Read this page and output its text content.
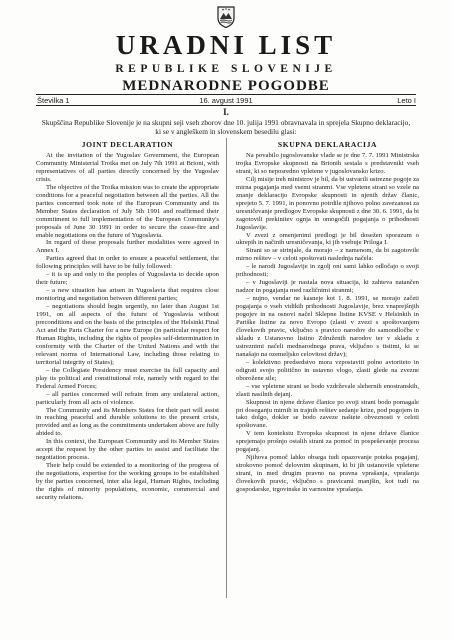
URADNI LIST
REPUBLIKE SLOVENIJE
MEDNARODNE POGODBE
Številka 1	16. avgust 1991	Leto I
I.
Skupščina Republike Slovenije je na skupni seji vseh zborov dne 10. julija 1991 obravnavala in sprejela Skupno deklaracijo, ki se v angleškem in slovenskem besedilu glasi:
JOINT DECLARATION

At the invitation of the Yugoslav Government, the European Community Ministerial Troika met on July 7th 1991 at Brioni, with representatives of all parties directly concerned by the Yugoslav crisis.

The objective of the Troika mission was to create the appropriate conditions for a peaceful negotiation between all the parties. All the parties concerned took note of the European Community and its Member States declaration of July 5th 1991 and reaffirmed their commitment to full implementation of the European Community's proposals of June 30 1991 in order to secure the cease-fire and enable negotiations on the future of Yugoslavia.

In regard of these proposals further modalities were agreed in Annex I.

Parties agreed that in order to ensure a peaceful settlement, the following principles will have to be fully followed:

– it is up and only to the peoples of Yugoslavia to decide upon their future;

– a new situation has arisen in Yugoslavia that requires close monitoring and negotiation between different parties;

– negotiations should begin urgently, no later than August 1st 1991, on all aspects of the future of Yugoslavia without preconditions and on the basis of the principles of the Helsinki Final Act and the Paris Charter for a new Europe (in particular respect for Human Rights, including the rights of peoples self-determination in conformity with the Charter of the United Nations and with the relevant norms of International Law, including those relating to territorial integrity of States);

– the Collegiate Presidency must exercise its full capacity and play its political and constitutional role, namely with regard to the Federal Armed Forces;

– all parties concerned will refrain from any unilateral action, particularly from all acts of violence.

The Community and its Members States for their part will assist in reaching peaceful and durable solutions to the present crisis, provided and as long as the commitments undertaken above are fully abided to.

In this context, the European Community and its Member States accept the request by the other parties to assist and facilitate the negotiation process.

Their help could be extended to a monitoring of the progress of the negotiations, expertise for the working groups to be established by the parties concerned, inter alia legal, Human Rights, including the rights of minority populations, economic, commercial and security relations.

SKUPNA DEKLARACIJA

Na povabilo jugoslovanske vlade se je dne 7. 7. 1991 Ministrska trojka Evropske skupnosti na Brionih sestala s predstavniki vseh strani, ki so neposredno vpletene v jugoslovansko krizo.

Cilj misije treh ministrov je bil, da bi ustvarili ustrezne pogoje za mirna pogajanja med vsemi stranmi. Vse vpletene strani so vzele na znanje deklaracijo Evropske skupnosti in njenih držav članic, sprejeto 5. 7. 1991, in ponovno potrdile njihovo polno zavezanost za uresničevanje predlogov Evropske skupnosti z dne 30. 6. 1991, da bi zagotovili prekinitev ognja in omogočili pogajanja o prihodnosti Jugoslavije.

V zvezi z omenjenimi predlogi je bil dosežen sporazum o ukrepih in načinih uresničevanja, ki jih vsebuje Priloga I.

Strani so se strinjale, da morajo – z namenom, da bi zagotovile mirno rešitev – v celoti spoštovati naslednja načela:

– le narodi Jugoslavije in zgolj oni sami lahko odločajo o svoji prihodnosti;

– v Jugoslaviji je nastala nova situacija, ki zahteva natančen nadzor in pogajanja med različnimi stranmi;

– nujno, vendar ne kasneje kot 1. 8. 1991, se morajo začeti pogajanja o vseh vidikih prihodnosti Jugoslavije, brez vnaprejšnjih pogojev in na osnovi načel Sklepne listine KVSE v Helsinkih in Pariške listine za novo Evropo (zlasti v zvezi s spoštovanjem človekovih pravic, vključno s pravico narodov do samoodločbe v skladu z Ustanovno listino Združenih narodov ter v skladu z ustreznimi načeli mednarodnega prava, vključno s tistimi, ki se nanašajo na ozemeljsko celovitost držav);

– kolektivno predsedstvo mora vzpostaviti polno avtoriteto in odigrati svojo politično in ustavno vlogo, zlasti glede na zvezne oborožene sile;

– vse vpletene strani se bodo vzdrževale slehernih enostranskih, zlasti nasilnih dejanj.

Skupnost in njene države članice po svoji strani bodo pomagale pri doseganju mirnih in trajnih rešitev sedanje krize, pod pogojem in tako dolgo, dokler se bodo zaveze naštete obveznosti v celoti spoštovane.

V tem kontekstu Evropska skupnost in njene države članice sprejemajo prošnjo ostalih strani za pomoč in pospeševanje procesa pogajanj.

Njihova pomoč lahko obsega tudi opazovanje poteka pogajanj, strokovno pomoč delovnim skupinam, ki bi jih ustanovile vpletene strani, in med drugim pravno na pravna vprašanja, vprašanja človekovih pravic, vključno s pravicami manjšin, kot tudi na gospodarske, trgovinske in varnostne vprašanja.
